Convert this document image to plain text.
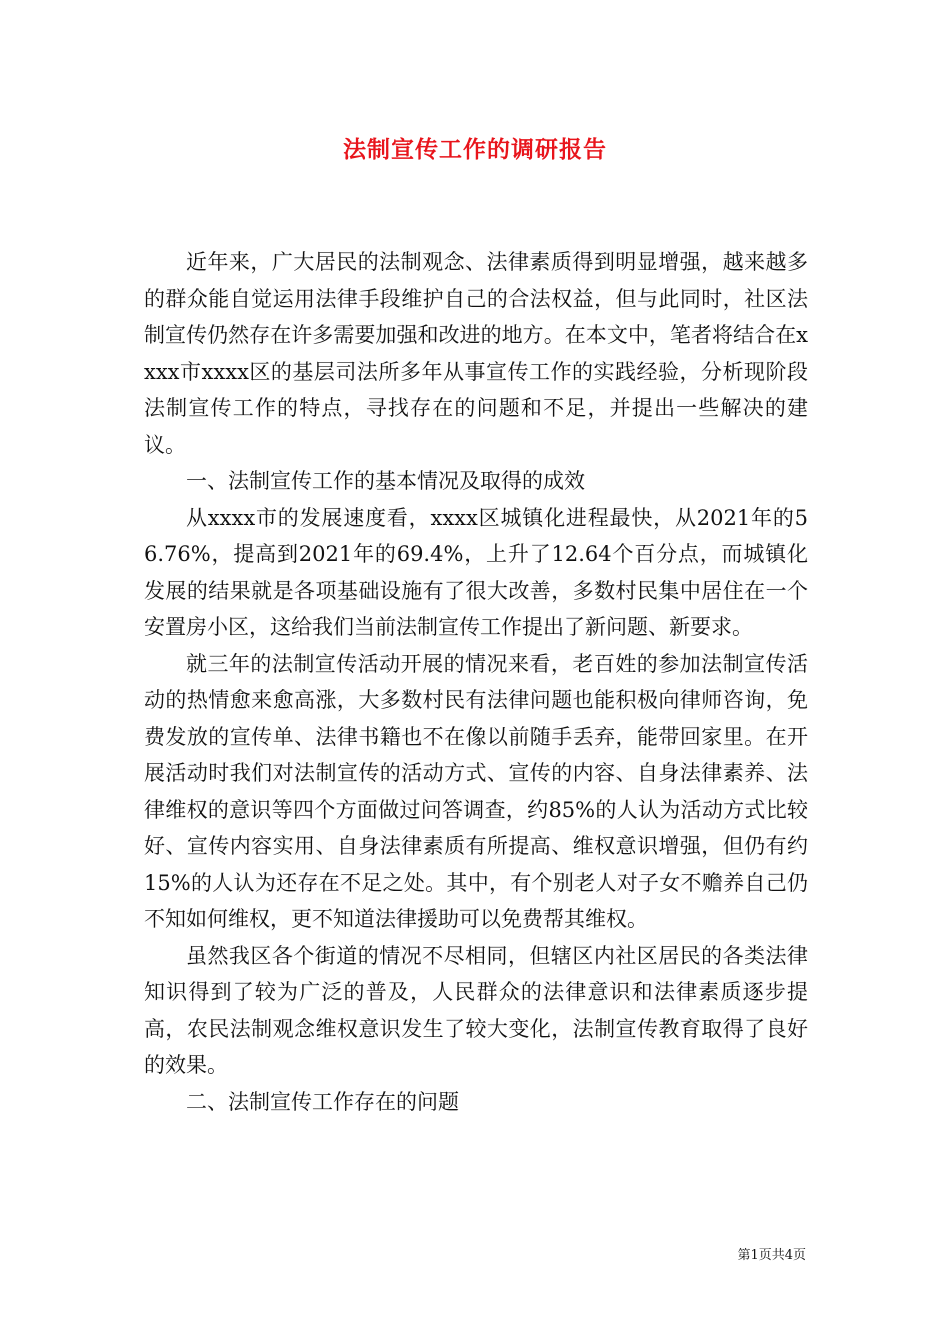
法制宣传工作的调研报告

近年来，广大居民的法制观念、法律素质得到明显增强，越来越多的群众能自觉运用法律手段维护自己的合法权益，但与此同时，社区法制宣传仍然存在许多需要加强和改进的地方。在本文中，笔者将结合在xxxx市xxxx区的基层司法所多年从事宣传工作的实践经验，分析现阶段法制宣传工作的特点，寻找存在的问题和不足，并提出一些解决的建议。

一、法制宣传工作的基本情况及取得的成效

从xxxx市的发展速度看，xxxx区城镇化进程最快，从2021年的56.76%，提高到2021年的69.4%，上升了12.64个百分点，而城镇化发展的结果就是各项基础设施有了很大改善，多数村民集中居住在一个安置房小区，这给我们当前法制宣传工作提出了新问题、新要求。

就三年的法制宣传活动开展的情况来看，老百姓的参加法制宣传活动的热情愈来愈高涨，大多数村民有法律问题也能积极向律师咨询，免费发放的宣传单、法律书籍也不在像以前随手丢弃，能带回家里。在开展活动时我们对法制宣传的活动方式、宣传的内容、自身法律素养、法律维权的意识等四个方面做过问答调查，约85%的人认为活动方式比较好、宣传内容实用、自身法律素质有所提高、维权意识增强，但仍有约15%的人认为还存在不足之处。其中，有个别老人对子女不赡养自己仍不知如何维权，更不知道法律援助可以免费帮其维权。

虽然我区各个街道的情况不尽相同，但辖区内社区居民的各类法律知识得到了较为广泛的普及，人民群众的法律意识和法律素质逐步提高，农民法制观念维权意识发生了较大变化，法制宣传教育取得了良好的效果。

二、法制宣传工作存在的问题

第1页共4页
